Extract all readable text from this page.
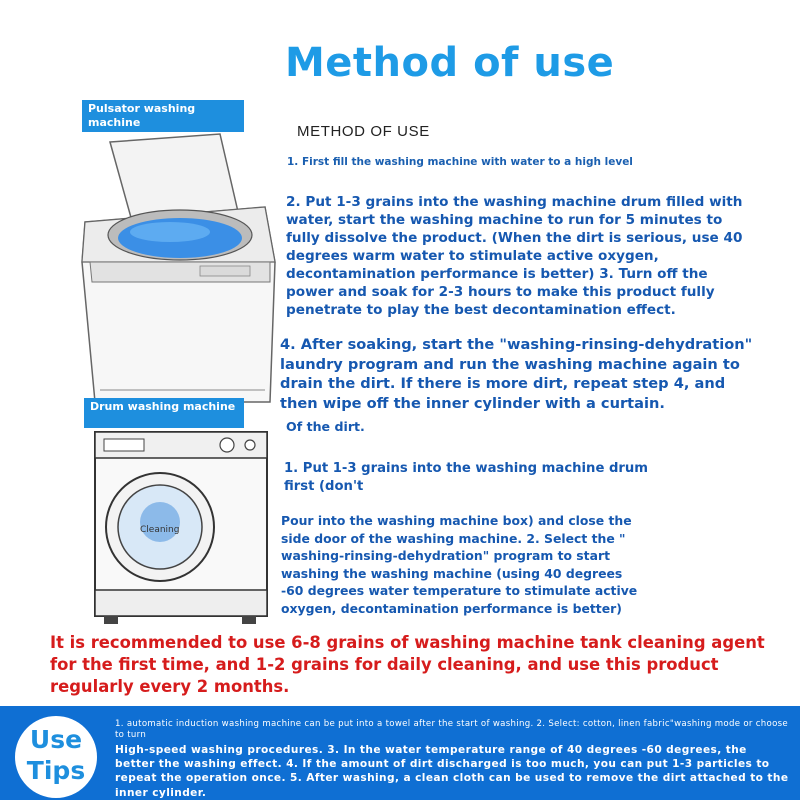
Method of use
Pulsator washing machine
Drum washing machine
Cleaning
METHOD OF USE
1. First fill the washing machine with water to a high level
2. Put 1-3 grains into the washing machine drum filled with water, start the washing machine to run for 5 minutes to fully dissolve the product. (When the dirt is serious, use 40 degrees warm water to stimulate active oxygen, decontamination performance is better) 3. Turn off the power and soak for 2-3 hours to make this product fully penetrate to play the best decontamination effect.
4. After soaking, start the "washing-rinsing-dehydration" laundry program and run the washing machine again to drain the dirt. If there is more dirt, repeat step 4, and then wipe off the inner cylinder with a curtain.
Of the dirt.
1. Put 1-3 grains into the washing machine drum first (don't
Pour into the washing machine box) and close the side door of the washing machine. 2. Select the " washing-rinsing-dehydration" program to start washing the washing machine (using 40 degrees -60 degrees water temperature to stimulate active oxygen, decontamination performance is better)
It is recommended to use 6-8 grains of washing machine tank cleaning agent for the first time, and 1-2 grains for daily cleaning, and use this product regularly every 2 months.
Use
Tips
1. automatic induction washing machine can be put into a towel after the start of washing. 2. Select: cotton, linen fabric"washing mode or choose to turn
High-speed washing procedures. 3. In the water temperature range of 40 degrees -60 degrees, the better the washing effect. 4. If the amount of dirt discharged is too much, you can put 1-3 particles to repeat the operation once. 5. After washing, a clean cloth can be used to remove the dirt attached to the inner cylinder.
